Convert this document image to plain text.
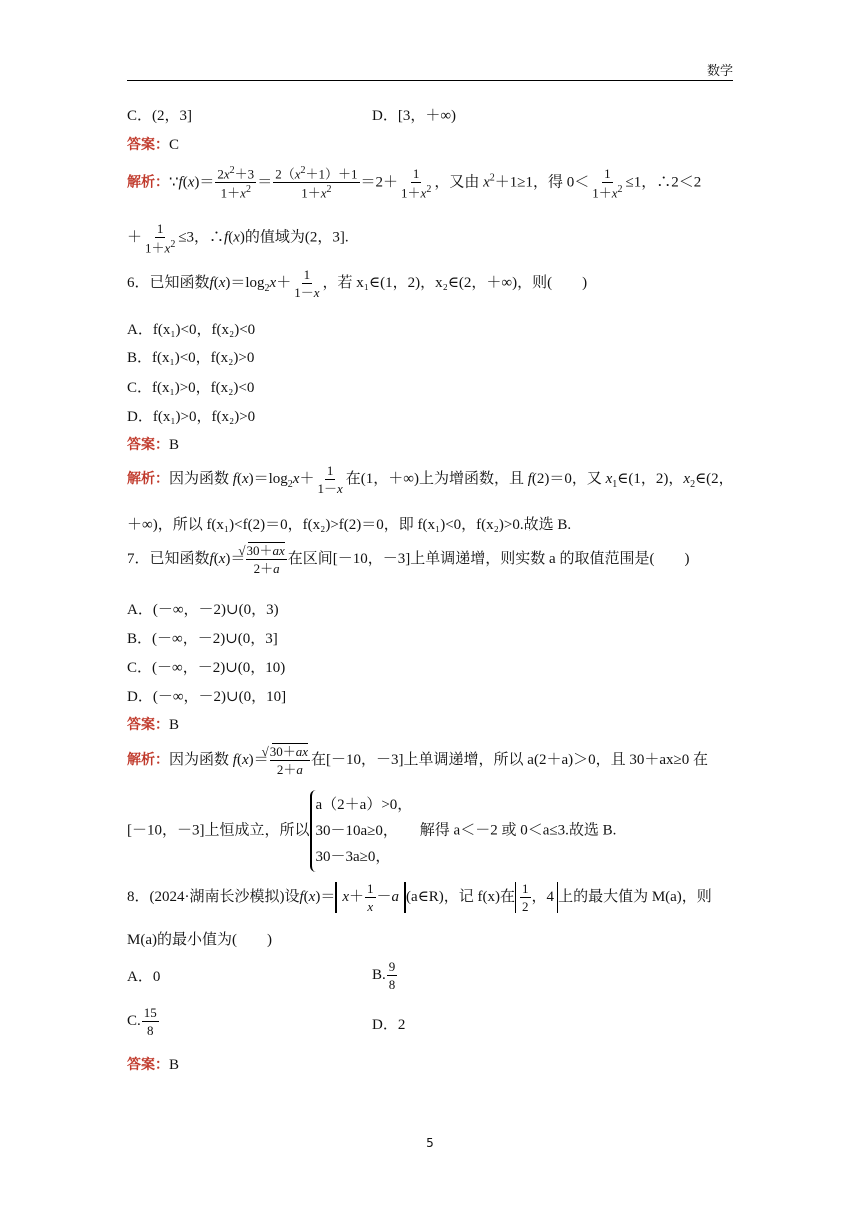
数学
C．(2，3]	D．[3，＋∞)
答案：C
解析：∵f(x)＝ $\frac{2x^2+3}{1+x^2} = \frac{2(x^2+1)+1}{1+x^2} =2+ \frac{1}{1+x^2}$ ，又由 $x^2+1\ge 1$，得 $0< \frac{1}{1+x^2} \le 1$，∴2＜2
＋ $\frac{1}{1+x^2} \le 3$，∴f(x)的值域为(2，3].
6．已知函数$f(x)=\log_2x+ \frac{1}{1-x}$ ，若 x₁∈(1，2)，x₂∈(2，＋∞)，则(　　)
A．f(x₁)<0，f(x₂)<0
B．f(x₁)<0，f(x₂)>0
C．f(x₁)>0，f(x₂)<0
D．f(x₁)>0，f(x₂)>0
答案：B
解析：因为函数 $f(x)=\log_2x+ \frac{1}{1-x}$ 在(1，＋∞)上为增函数，且 f(2)＝0，又 $x_1\in(1$，2)，$x_2\in(2$，
＋∞)，所以 f(x₁)<f(2)＝0，f(x₂)>f(2)＝0，即 f(x₁)<0，f(x₂)>0.故选 B.
7．已知函数f(x)＝ √ $\frac{30+ax}{2+a}$ 在区间[－10，－3]上单调递增，则实数 a 的取值范围是(　　)
A．(－∞，－2)∪(0，3)
B．(－∞，－2)∪(0，3]
C．(－∞，－2)∪(0，10)
D．(－∞，－2)∪(0，10]
答案：B
解析：因为函数 f(x)＝ √ $\frac{30+ax}{2+a}$ 在[－10，－3]上单调递增，所以 a(2＋a)＞0，且 30＋ax≥0 在
[－10，－3]上恒成立，所以
a（2＋a）>0，
30－10a≥0，
30－3a≥0，
解得 a＜－2 或 0＜a≤3.故选 B.
8．(2024·湖南长沙模拟)设$f(x)= x+ \frac{1}{x} -a$ (a∈R)，记 f(x)在 $\frac{1}{2}$ ，4 上的最大值为 M(a)，则
M(a)的最小值为(　　)
A．0	B. $\frac{9}{8}$
C. $\frac{15}{8}$	D．2
答案：B
5
